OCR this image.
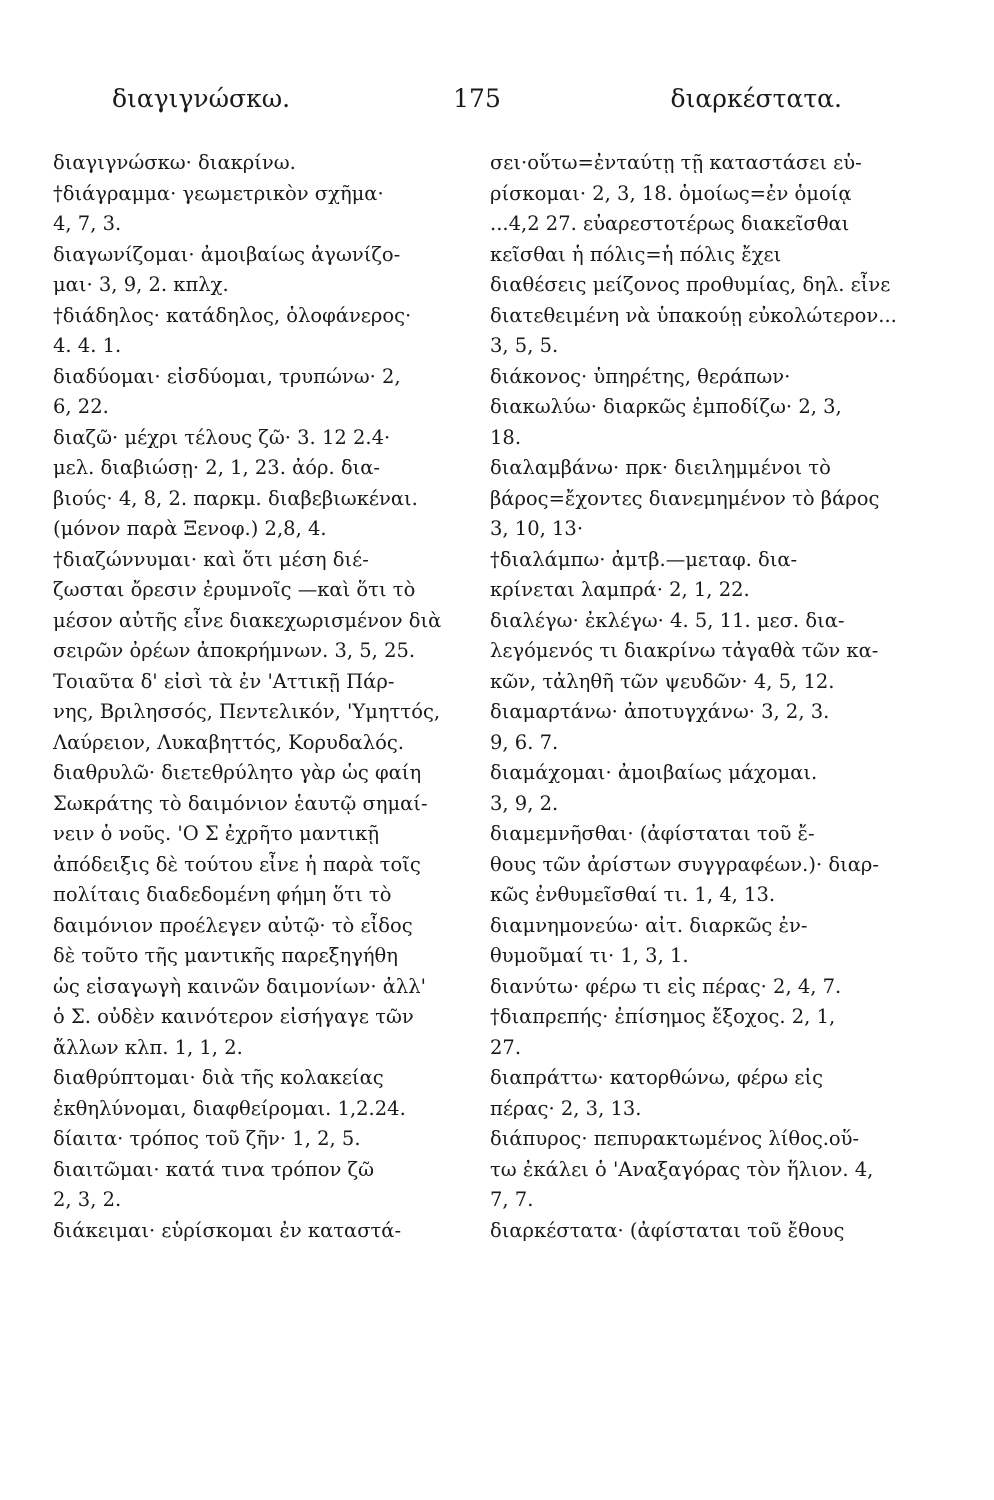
διαγιγνώσκω.	175	διαρκέστατα.
διαγιγνώσκω· διακρίνω.
†διάγραμμα· γεωμετρικὸν σχῆμα·
4, 7, 3.
διαγωνίζομαι· ἀμοιβαίως ἀγωνίζο-
μαι· 3, 9, 2. κπλχ.
†διάδηλος· κατάδηλος, ὁλοφάνερος·
4. 4. 1.
διαδύομαι· εἰσδύομαι, τρυπώνω· 2,
6, 22.
διαζῶ· μέχρι τέλους ζῶ· 3. 12 2.4·
μελ. διαβιώσῃ· 2, 1, 23. ἀόρ. δια-
βιούς· 4, 8, 2. παρκμ. διαβεβιωκέναι.
(μόνον παρὰ Ξενοφ.) 2,8, 4.
†διαζώννυμαι· καὶ ὅτι μέση διέ-
ζωσται ὄρεσιν ἐρυμνοῖς —καὶ ὅτι τὸ
μέσον αὐτῆς εἶνε διακεχωρισμένον διὰ
σειρῶν ὀρέων ἀποκρήμνων. 3, 5, 25.
Τοιαῦτα δ' εἰσὶ τὰ ἐν 'Αττικῇ Πάρ-
νης, Βριλησσός, Πεντελικόν, 'Υμηττός,
Λαύρειον, Λυκαβηττός, Κορυδαλός.
διαθρυλῶ· διετεθρύλητο γὰρ ὡς φαίη
Σωκράτης τὸ δαιμόνιον ἑαυτῷ σημαί-
νειν ὁ νοῦς. 'Ο Σ ἐχρῆτο μαντικῇ
ἀπόδειξις δὲ τούτου εἶνε ἡ παρὰ τοῖς
πολίταις διαδεδομένη φήμη ὅτι τὸ
δαιμόνιον προέλεγεν αὐτῷ· τὸ εἶδος
δὲ τοῦτο τῆς μαντικῆς παρεξηγήθη
ὡς εἰσαγωγὴ καινῶν δαιμονίων· ἀλλ'
ὁ Σ. οὐδὲν καινότερον εἰσήγαγε τῶν
ἄλλων κλπ. 1, 1, 2.
διαθρύπτομαι· διὰ τῆς κολακείας
ἐκθηλύνομαι, διαφθείρομαι. 1,2.24.
δίαιτα· τρόπος τοῦ ζῆν· 1, 2, 5.
διαιτῶμαι· κατά τινα τρόπον ζῶ
2, 3, 2.
διάκειμαι· εὑρίσκομαι ἐν καταστά-
σει·οὕτω=ἐνταύτῃ τῇ καταστάσει εὑ-
ρίσκομαι· 2, 3, 18. ὁμοίως=ἐν ὁμοίᾳ
...4,2 27. εὐαρεστοτέρως διακεῖσθαι
κεῖσθαι ἡ πόλις=ἡ πόλις ἔχει
διαθέσεις μείζονος προθυμίας, δηλ. εἶνε
διατεθειμένη νὰ ὑπακούῃ εὐκολώτερον...
3, 5, 5.
διάκονος· ὑπηρέτης, θεράπων·
διακωλύω· διαρκῶς ἐμποδίζω· 2, 3,
18.
διαλαμβάνω· πρκ· διειλημμένοι τὸ
βάρος=ἔχοντες διανεμημένον τὸ βάρος
3, 10, 13·
†διαλάμπω· ἀμτβ.—μεταφ. δια-
κρίνεται λαμπρά· 2, 1, 22.
διαλέγω· ἐκλέγω· 4. 5, 11. μεσ. δια-
λεγόμενός τι διακρίνω τἀγαθὰ τῶν κα-
κῶν, τἀληθῆ τῶν ψευδῶν· 4, 5, 12.
διαμαρτάνω· ἀποτυγχάνω· 3, 2, 3.
9, 6. 7.
διαμάχομαι· ἀμοιβαίως μάχομαι.
3, 9, 2.
διαμεμνῆσθαι· (ἀφίσταται τοῦ ἔ-
θους τῶν ἀρίστων συγγραφέων.)· διαρ-
κῶς ἐνθυμεῖσθαί τι. 1, 4, 13.
διαμνημονεύω· αἰτ. διαρκῶς ἐν-
θυμοῦμαί τι· 1, 3, 1.
διανύτω· φέρω τι εἰς πέρας· 2, 4, 7.
†διαπρεπής· ἐπίσημος ἔξοχος. 2, 1,
27.
διαπράττω· κατορθώνω, φέρω εἰς
πέρας· 2, 3, 13.
διάπυρος· πεπυρακτωμένος λίθος.οὕ-
τω ἐκάλει ὁ 'Αναξαγόρας τὸν ἥλιον. 4,
7, 7.
διαρκέστατα· (ἀφίσταται τοῦ ἔθους
